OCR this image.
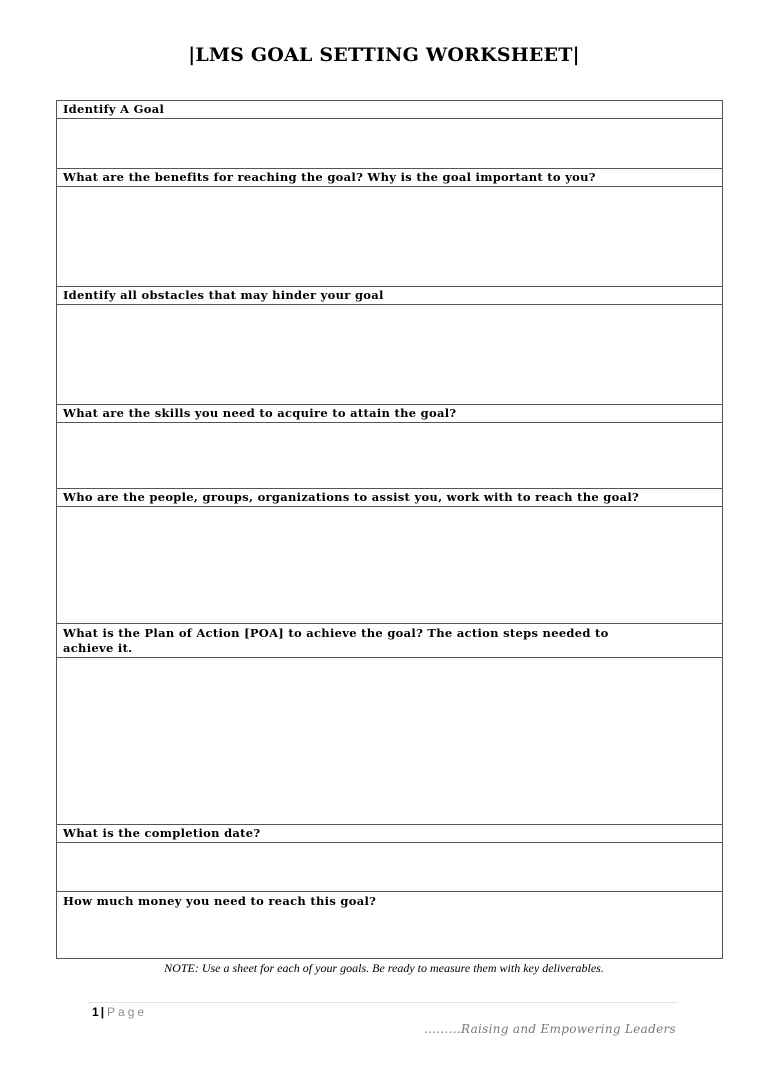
|LMS GOAL SETTING WORKSHEET|
Identify A Goal
What are the benefits for reaching the goal? Why is the goal important to you?
Identify all obstacles that may hinder your goal
What are the skills you need to acquire to attain the goal?
Who are the people, groups, organizations to assist you, work with to reach the goal?
What is the Plan of Action [POA] to achieve the goal? The action steps needed to achieve it.
What is the completion date?
How much money you need to reach this goal?
NOTE: Use a sheet for each of your goals. Be ready to measure them with key deliverables.
1 | Page
………Raising and Empowering Leaders
